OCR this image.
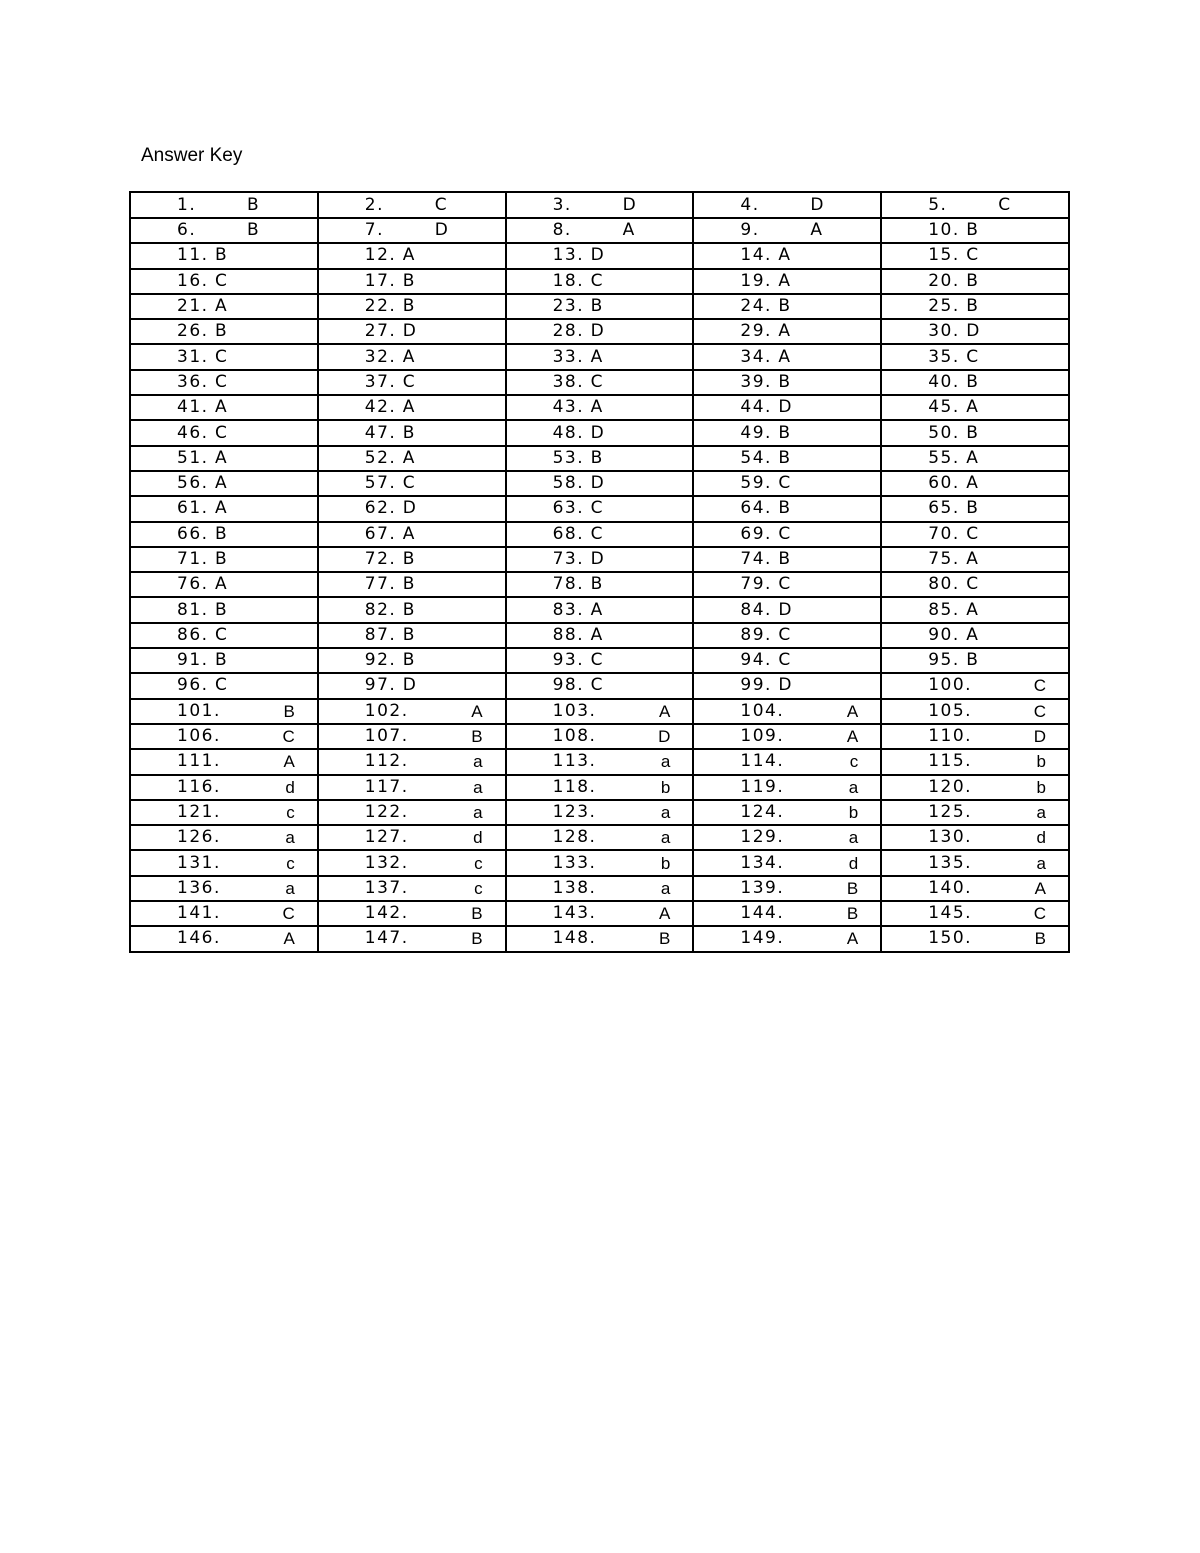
Answer Key
1. B	2. C	3. D	4. D	5. C

6. B	7. D	8. A	9. A	10. B

11. B	12. A	13. D	14. A	15. C

16. C	17. B	18. C	19. A	20. B

21. A	22. B	23. B	24. B	25. B

26. B	27. D	28. D	29. A	30. D

31. C	32. A	33. A	34. A	35. C

36. C	37. C	38. C	39. B	40. B

41. A	42. A	43. A	44. D	45. A

46. C	47. B	48. D	49. B	50. B

51. A	52. A	53. B	54. B	55. A

56. A	57. C	58. D	59. C	60. A

61. A	62. D	63. C	64. B	65. B

66. B	67. A	68. C	69. C	70. C

71. B	72. B	73. D	74. B	75. A

76. A	77. B	78. B	79. C	80. C

81. B	82. B	83. A	84. D	85. A

86. C	87. B	88. A	89. C	90. A

91. B	92. B	93. C	94. C	95. B

96. C	97. D	98. C	99. D	100. C

101. B	102. A	103. A	104. A	105. C

106. C	107. B	108. D	109. A	110. D

111. A	112. a	113. a	114. c	115. b

116. d	117. a	118. b	119. a	120. b

121. c	122. a	123. a	124. b	125. a

126. a	127. d	128. a	129. a	130. d

131. c	132. c	133. b	134. d	135. a

136. a	137. c	138. a	139. B	140. A

141. C	142. B	143. A	144. B	145. C

146. A	147. B	148. B	149. A	150. B
